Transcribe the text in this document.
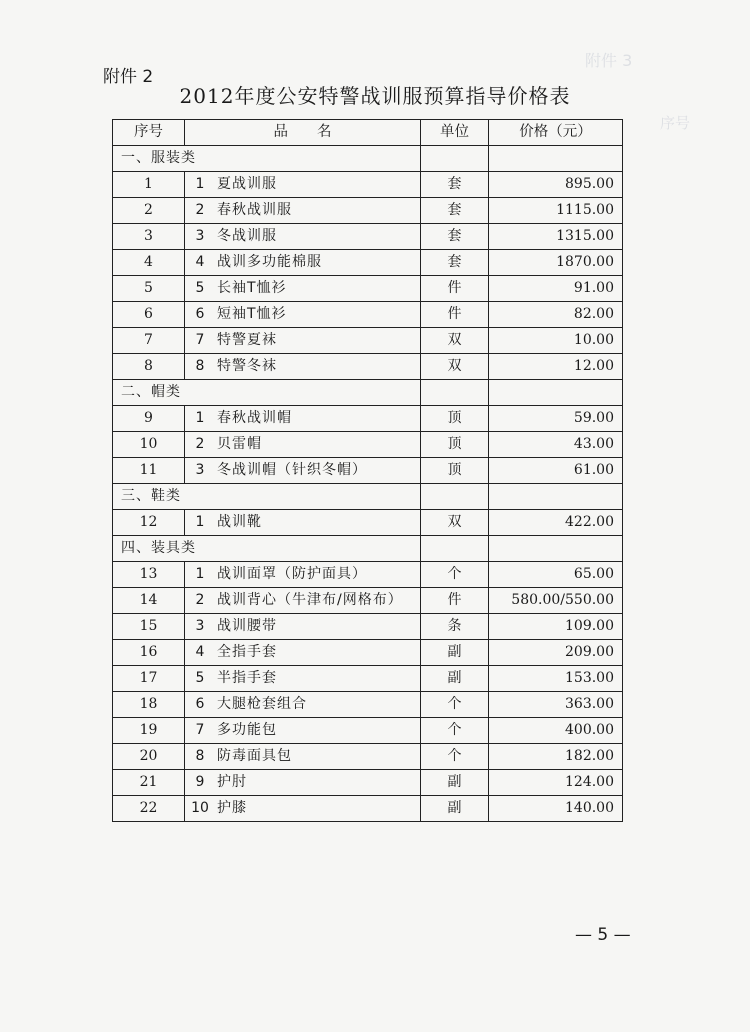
附件 3
序号
附件 2
2012年度公安特警战训服预算指导价格表
序号	品　　名	单位	价格（元）
一、服装类			
1	1 夏战训服	套	895.00
2	2 春秋战训服	套	1115.00
3	3 冬战训服	套	1315.00
4	4 战训多功能棉服	套	1870.00
5	5 长袖T恤衫	件	91.00
6	6 短袖T恤衫	件	82.00
7	7 特警夏袜	双	10.00
8	8 特警冬袜	双	12.00
二、帽类			
9	1 春秋战训帽	顶	59.00
10	2 贝雷帽	顶	43.00
11	3 冬战训帽（针织冬帽）	顶	61.00
三、鞋类			
12	1 战训靴	双	422.00
四、装具类			
13	1 战训面罩（防护面具）	个	65.00
14	2 战训背心（牛津布/网格布）	件	580.00/550.00
15	3 战训腰带	条	109.00
16	4 全指手套	副	209.00
17	5 半指手套	副	153.00
18	6 大腿枪套组合	个	363.00
19	7 多功能包	个	400.00
20	8 防毒面具包	个	182.00
21	9 护肘	副	124.00
22	10 护膝	副	140.00
— 5 —
